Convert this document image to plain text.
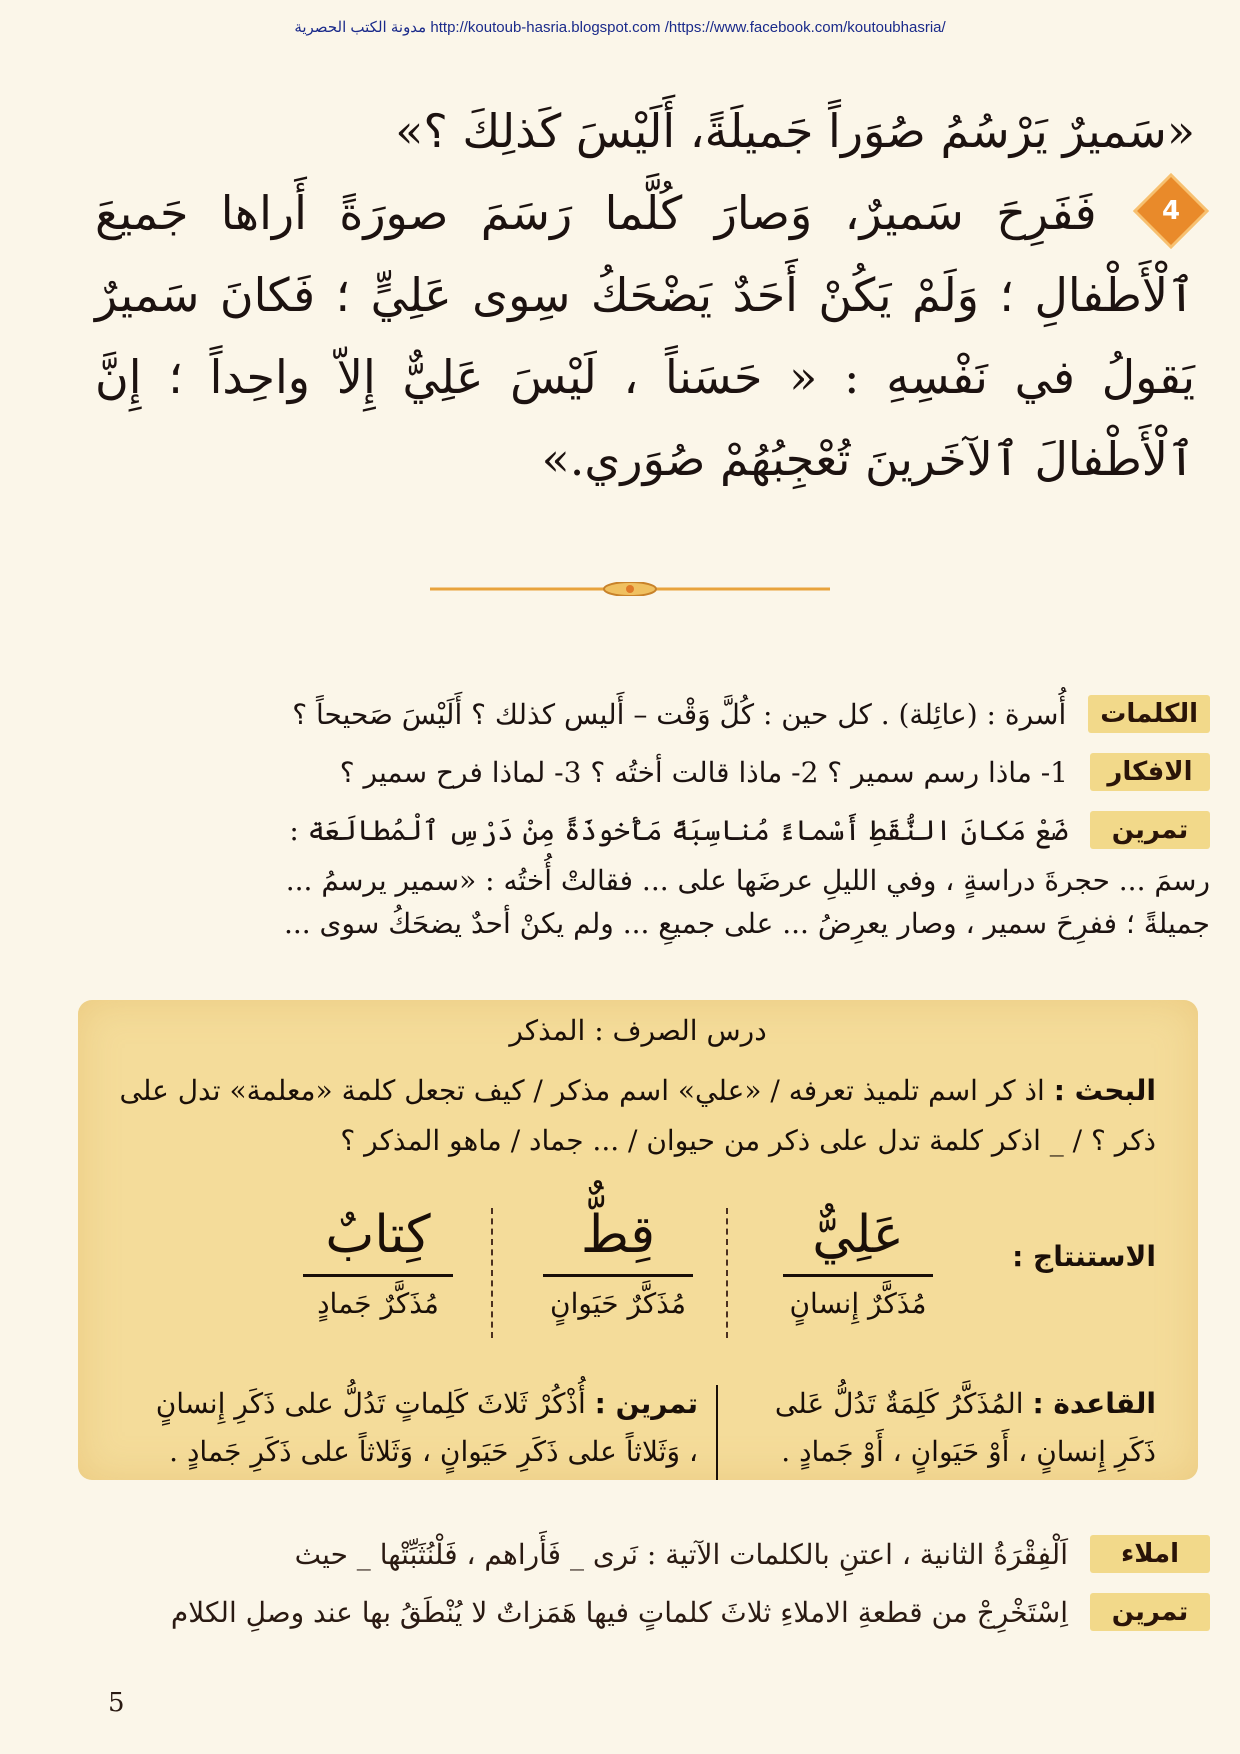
مدونة الكتب الحصرية http://koutoub-hasria.blogspot.com /https://www.facebook.com/koutoubhasria/

«سَميرٌ يَرْسُمُ صُوَراً جَميلَةً، أَلَيْسَ كَذلِكَ ؟»

4
فَفَرِحَ سَميرٌ، وَصارَ كُلَّما رَسَمَ صورَةً أَراها جَميعَ ٱلْأَطْفالِ ؛ وَلَمْ يَكُنْ أَحَدٌ يَضْحَكُ سِوى عَلِيٍّ ؛ فَكانَ سَميرٌ يَقولُ في نَفْسِهِ : « حَسَناً ، لَيْسَ عَلِيٌّ إِلاّ واحِداً ؛ إِنَّ ٱلْأَطْفالَ ٱلآخَرينَ تُعْجِبُهُمْ صُوَري.»

الكلمات
أُسرة : (عائِلة) . كل حين : كُلَّ وَقْت – أَليس كذلك ؟ أَلَيْسَ صَحيحاً ؟
الافكار
1- ماذا رسم سمير ؟ 2- ماذا قالت أختُه ؟ 3- لماذا فرح سمير ؟
تمرين
ضَعْ مَكانَ النُّقَطِ أَسْماءً مُناسِبَةً مَأْخوذَةً مِنْ دَرْسِ ٱلْمُطالَعَة :
رسمَ ... حجرةَ دراسةٍ ، وفي الليلِ عرضَها على ... فقالتْ أُختُه : «سمير يرسمُ ...
جميلةً ؛ ففرِحَ سمير ، وصار يعرِضُ ... على جميعِ ... ولم يكنْ أحدٌ يضحَكُ سوى ...
درس الصرف : المذكر
البحث : اذ كر اسم تلميذ تعرفه / «علي» اسم مذكر / كيف تجعل كلمة «معلمة» تدل على ذكر ؟ / _ اذكر كلمة تدل على ذكر من حيوان / ... جماد / ماهو المذكر ؟
الاستنتاج :
عَلِيٌّ
مُذَكَّرٌ إِنسانٍ
قِطٌّ
مُذَكَّرٌ حَيَوانٍ
كِتابٌ
مُذَكَّرٌ جَمادٍ
القاعدة : المُذَكَّرُ كَلِمَةٌ تَدُلُّ عَلى ذَكَرِ إِنسانٍ ، أَوْ حَيَوانٍ ، أَوْ جَمادٍ .
تمرين : أُذْكُرْ ثَلاثَ كَلِماتٍ تَدُلُّ على ذَكَرِ إِنسانٍ ، وَثَلاثاً على ذَكَرِ حَيَوانٍ ، وَثَلاثاً على ذَكَرِ جَمادٍ .
املاء
اَلْفِقْرَةُ الثانية ، اعتنِ بالكلمات الآتية : نَرى _ فَأَراهم ، فَلْنُثَبِّتْها _ حيث
تمرين
اِسْتَخْرِجْ من قطعةِ الاملاءِ ثلاثَ كلماتٍ فيها هَمَزاتٌ لا يُنْطَقُ بها عند وصلِ الكلام
5
